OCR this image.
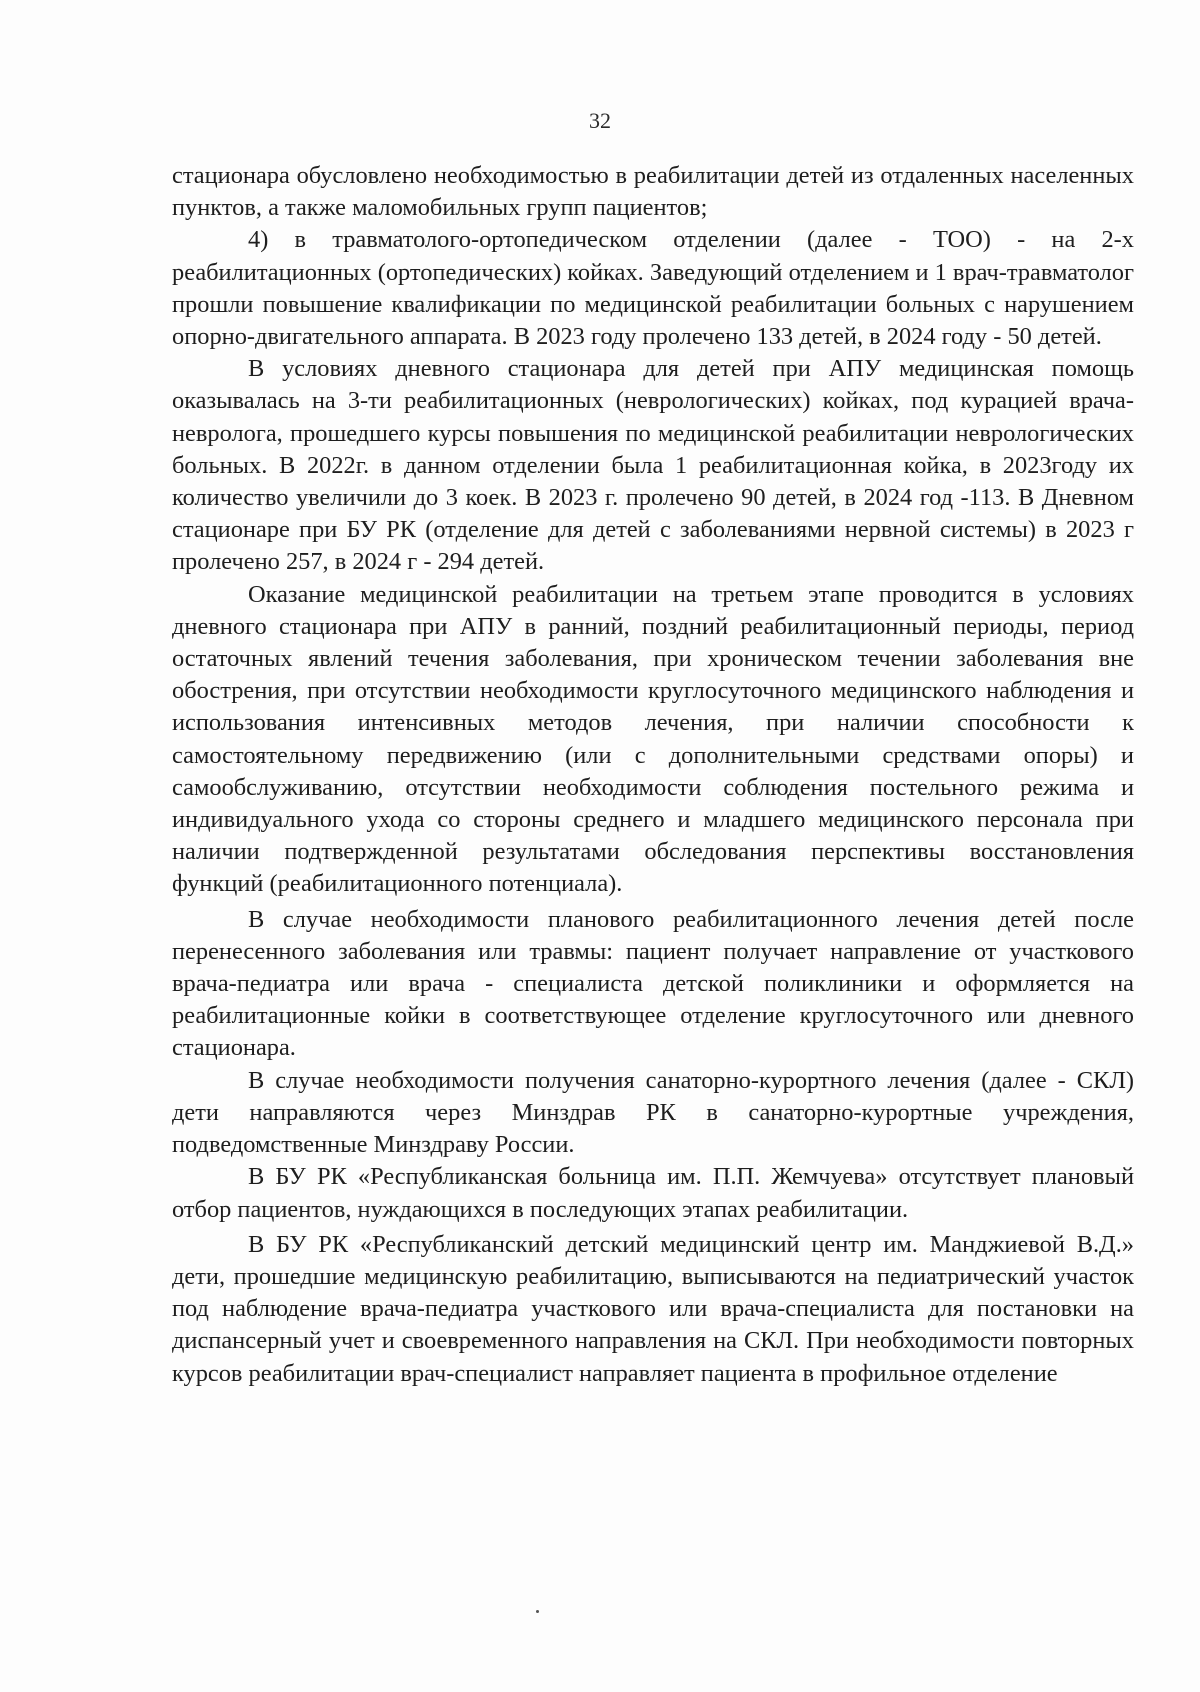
32

стационара обусловлено необходимостью в реабилитации детей из отдаленных населенных пунктов, а также маломобильных групп пациентов;

4) в травматолого-ортопедическом отделении (далее - ТОО) - на 2-х реабилитационных (ортопедических) койках. Заведующий отделением и 1 врач-травматолог прошли повышение квалификации по медицинской реабилитации больных с нарушением опорно-двигательного аппарата. В 2023 году пролечено 133 детей, в 2024 году - 50 детей.

В условиях дневного стационара для детей при АПУ медицинская помощь оказывалась на 3-ти реабилитационных (неврологических) койках, под курацией врача-невролога, прошедшего курсы повышения по медицинской реабилитации неврологических больных. В 2022г. в данном отделении была 1 реабилитационная койка, в 2023году их количество увеличили до 3 коек. В 2023 г. пролечено 90 детей, в 2024 год -113. В Дневном стационаре при БУ РК (отделение для детей с заболеваниями нервной системы) в 2023 г пролечено 257, в 2024 г - 294 детей.

Оказание медицинской реабилитации на третьем этапе проводится в условиях дневного стационара при АПУ в ранний, поздний реабилитационный периоды, период остаточных явлений течения заболевания, при хроническом течении заболевания вне обострения, при отсутствии необходимости круглосуточного медицинского наблюдения и использования интенсивных методов лечения, при наличии способности к самостоятельному передвижению (или с дополнительными средствами опоры) и самообслуживанию, отсутствии необходимости соблюдения постельного режима и индивидуального ухода со стороны среднего и младшего медицинского персонала при наличии подтвержденной результатами обследования перспективы восстановления функций (реабилитационного потенциала).

В случае необходимости планового реабилитационного лечения детей после перенесенного заболевания или травмы: пациент получает направление от участкового врача-педиатра или врача - специалиста детской поликлиники и оформляется на реабилитационные койки в соответствующее отделение круглосуточного или дневного стационара.

В случае необходимости получения санаторно-курортного лечения (далее - СКЛ) дети направляются через Минздрав РК в санаторно-курортные учреждения, подведомственные Минздраву России.

В БУ РК «Республиканская больница им. П.П. Жемчуева» отсутствует плановый отбор пациентов, нуждающихся в последующих этапах реабилитации.

В БУ РК «Республиканский детский медицинский центр им. Манджиевой В.Д.» дети, прошедшие медицинскую реабилитацию, выписываются на педиатрический участок под наблюдение врача-педиатра участкового или врача-специалиста для постановки на диспансерный учет и своевременного направления на СКЛ. При необходимости повторных курсов реабилитации врач-специалист направляет пациента в профильное отделение
